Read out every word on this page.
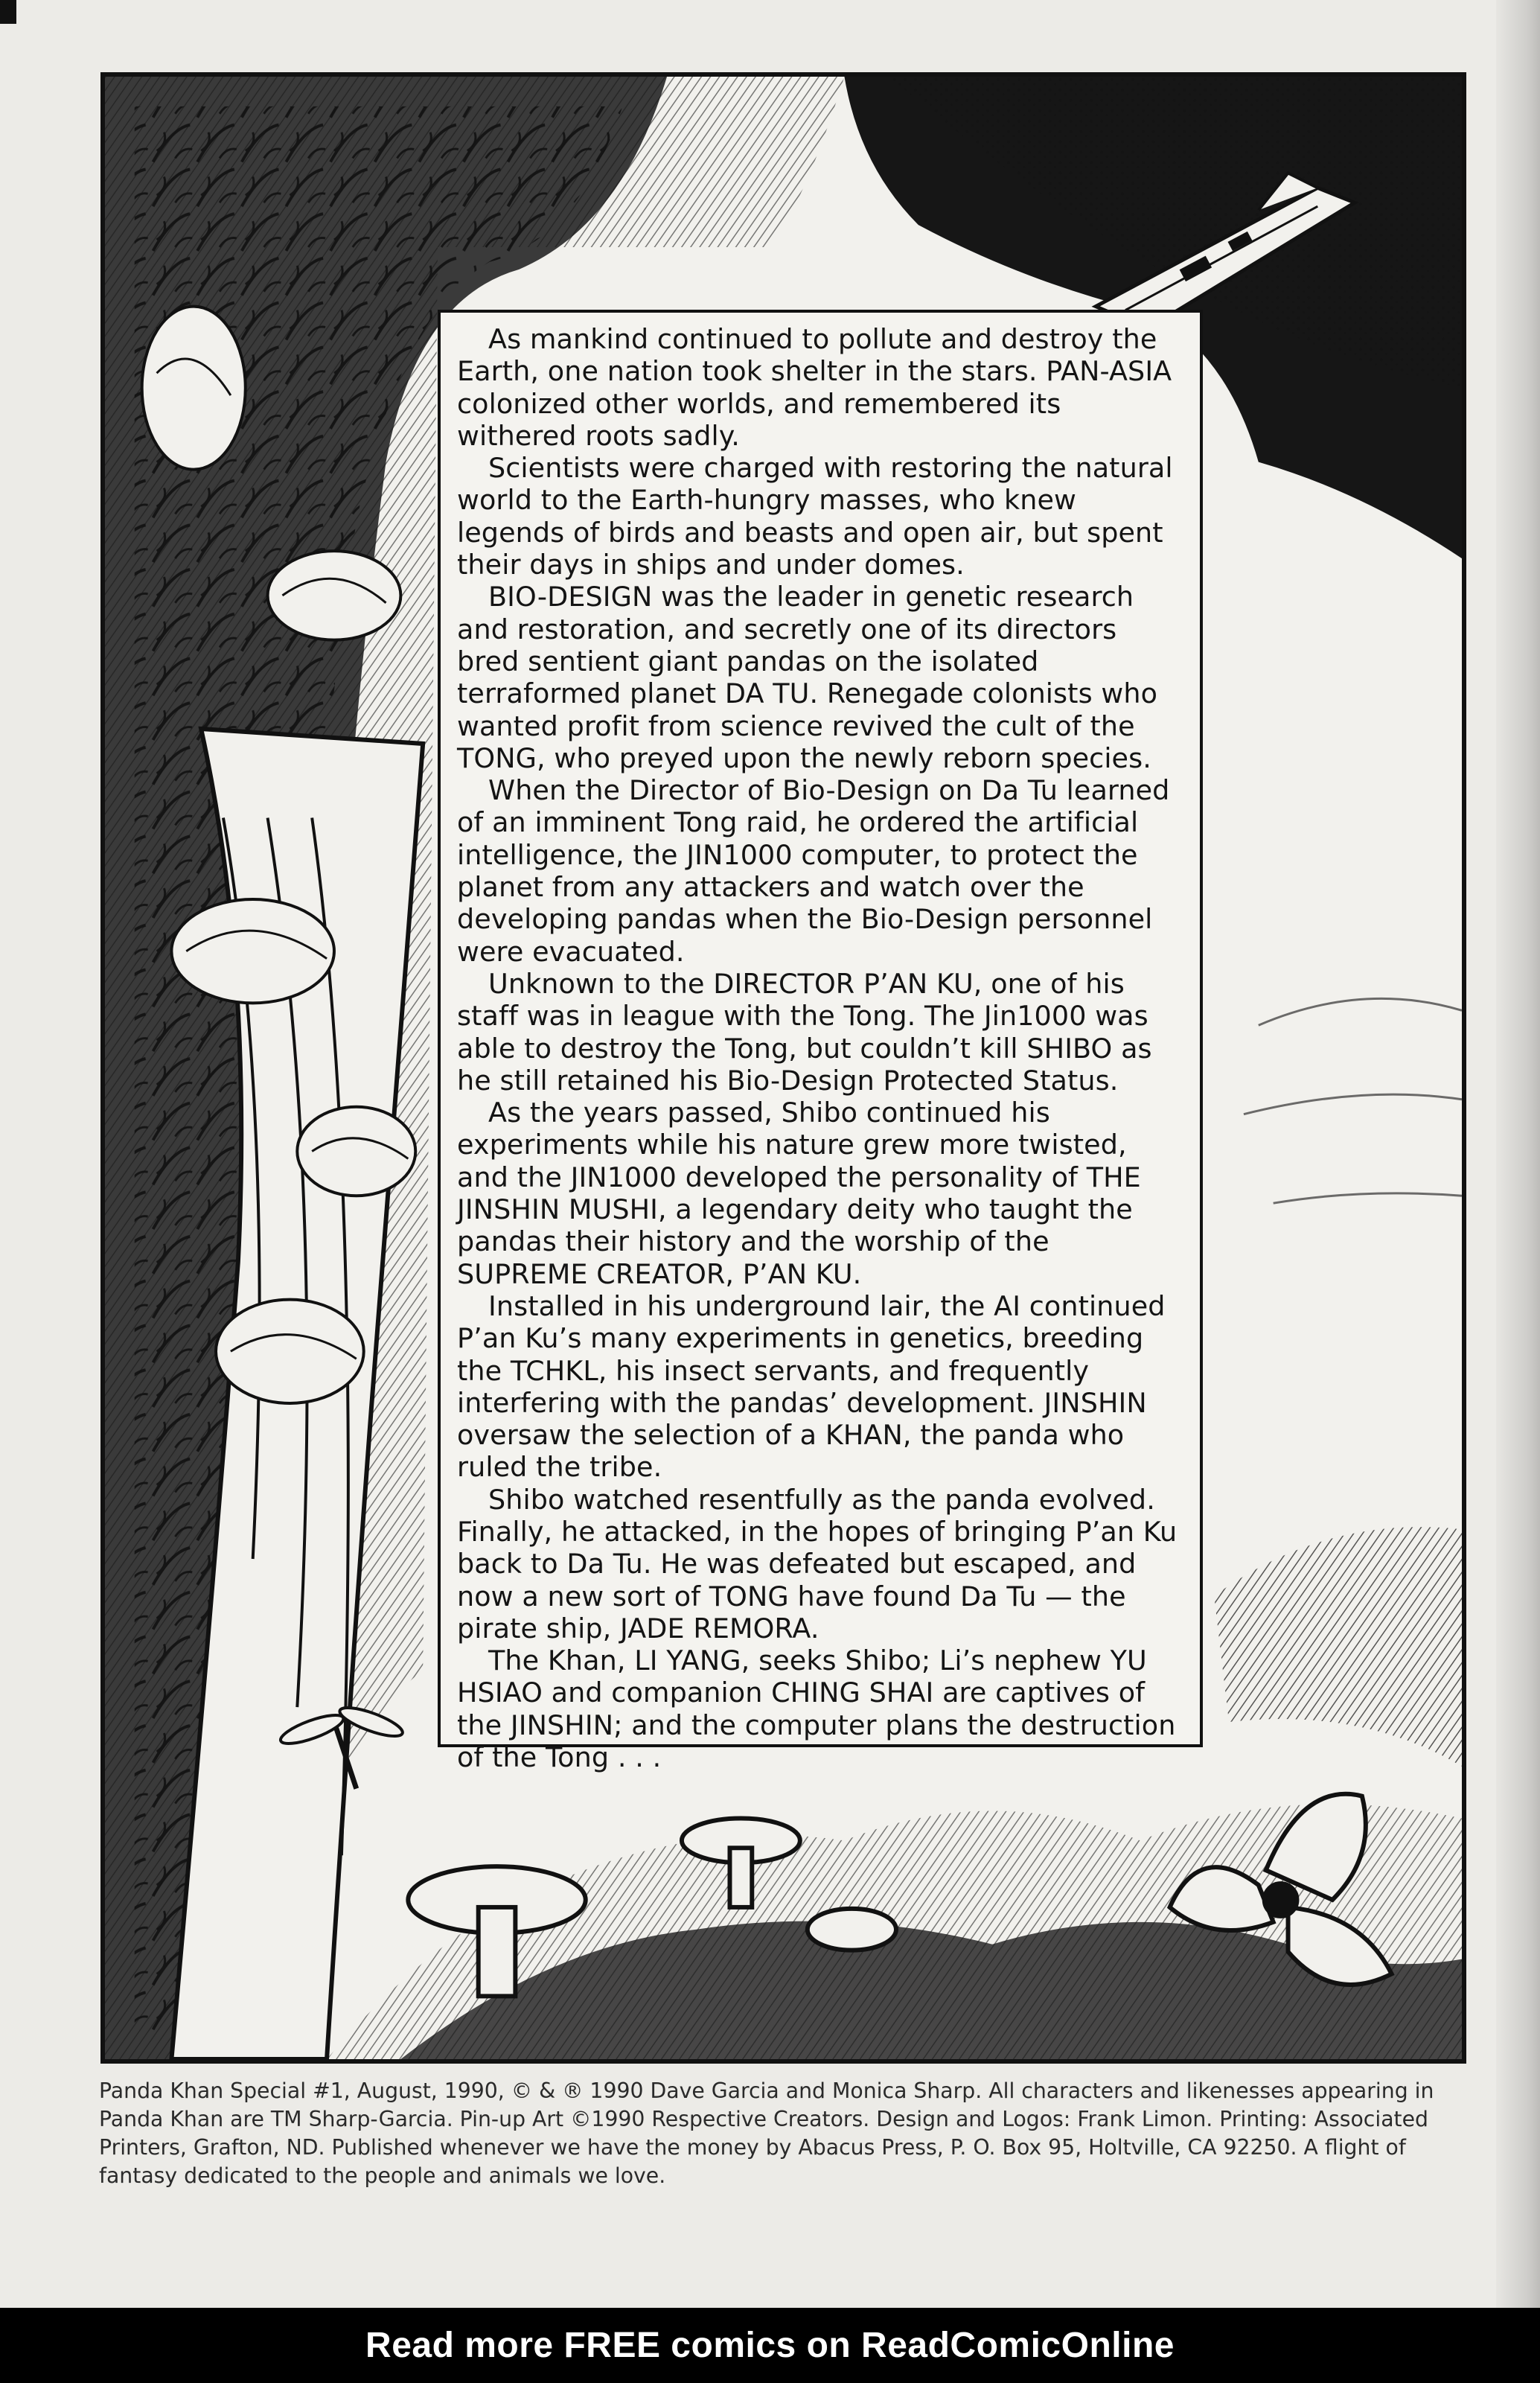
As mankind continued to pollute and destroy the Earth, one nation took shelter in the stars. PAN-ASIA colonized other worlds, and remembered its withered roots sadly.

Scientists were charged with restoring the natural world to the Earth-hungry masses, who knew legends of birds and beasts and open air, but spent their days in ships and under domes.

BIO-DESIGN was the leader in genetic research and restoration, and secretly one of its directors bred sentient giant pandas on the isolated terraformed planet DA TU. Renegade colonists who wanted profit from science revived the cult of the TONG, who preyed upon the newly reborn species.

When the Director of Bio-Design on Da Tu learned of an imminent Tong raid, he ordered the artificial intelligence, the JIN1000 computer, to protect the planet from any attackers and watch over the developing pandas when the Bio-Design personnel were evacuated.

Unknown to the DIRECTOR P’AN KU, one of his staff was in league with the Tong. The Jin1000 was able to destroy the Tong, but couldn’t kill SHIBO as he still retained his Bio-Design Protected Status.

As the years passed, Shibo continued his experiments while his nature grew more twisted, and the JIN1000 developed the personality of THE JINSHIN MUSHI, a legendary deity who taught the pandas their history and the worship of the SUPREME CREATOR, P’AN KU.

Installed in his underground lair, the AI continued P’an Ku’s many experiments in genetics, breeding the TCHKL, his insect servants, and frequently interfering with the pandas’ development. JINSHIN oversaw the selection of a KHAN, the panda who ruled the tribe.

Shibo watched resentfully as the panda evolved. Finally, he attacked, in the hopes of bringing P’an Ku back to Da Tu. He was defeated but escaped, and now a new sort of TONG have found Da Tu — the pirate ship, JADE REMORA.

The Khan, LI YANG, seeks Shibo; Li’s nephew YU HSIAO and companion CHING SHAI are captives of the JINSHIN; and the computer plans the destruction of the Tong . . .

Panda Khan Special #1, August, 1990, © & ® 1990 Dave Garcia and Monica Sharp. All characters and likenesses appearing in Panda Khan are TM Sharp-Garcia. Pin-up Art ©1990 Respective Creators. Design and Logos: Frank Limon. Printing: Associated Printers, Grafton, ND. Published whenever we have the money by Abacus Press, P. O. Box 95, Holtville, CA 92250. A flight of fantasy dedicated to the people and animals we love.

Read more FREE comics on ReadComicOnline
